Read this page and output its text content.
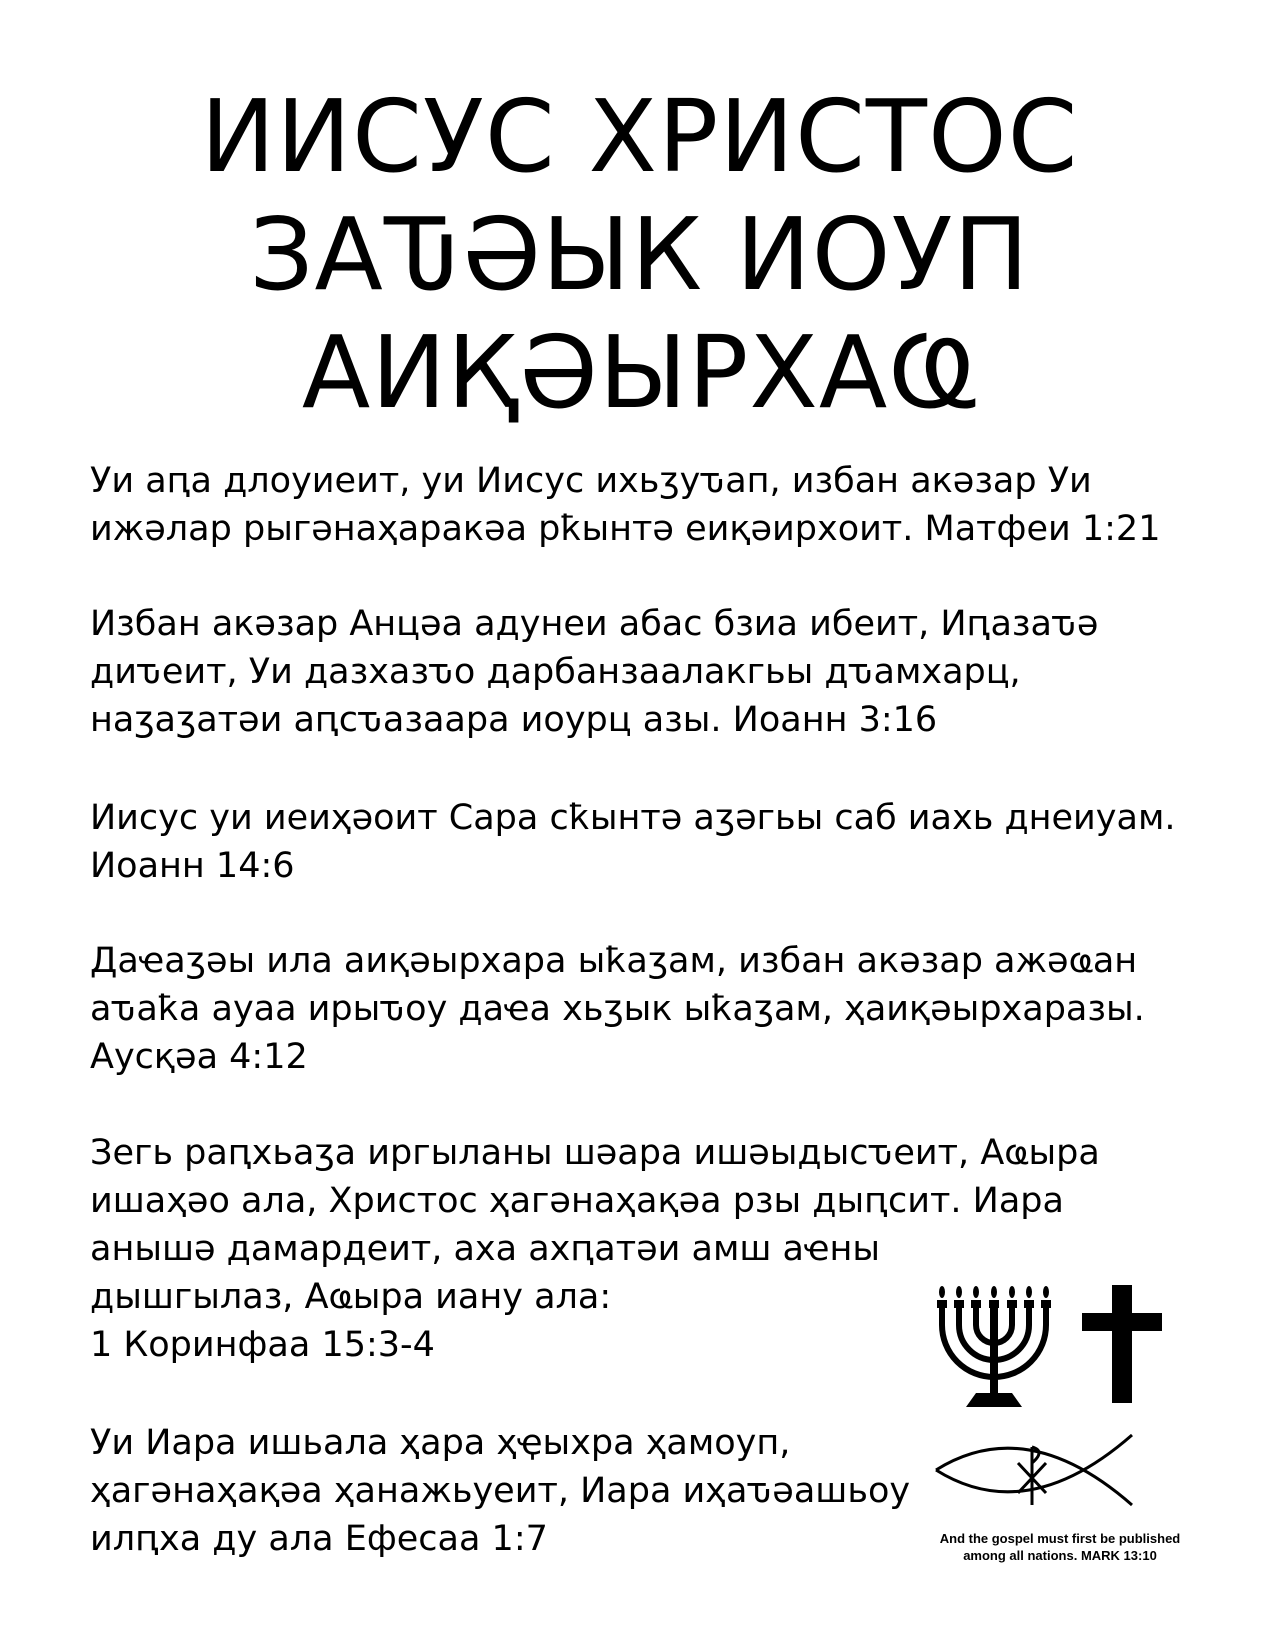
ИИСУС ХРИСТОС
ЗАԎӘЫК ИОУП
АИҚӘЫРХАҨ
Уи аԥа длоуиеит, уи Иисус ихьӡуԏап, избан акәзар Уи
ижәлар рыгәнаҳаракәа рҟынтә еиқәирхоит. Матфеи 1:21
Избан акәзар Анцәа адунеи абас бзиа ибеит, Иԥазаԏә
диԏеит, Уи дазхазԏо дарбанзаалакгьы дԏамхарц,
наӡаӡатәи аԥсԏазаара иоурц азы. Иоанн 3:16
Иисус уи иеиҳәоит Сара сҟынтә аӡәгьы саб иахь днеиуам.
Иоанн 14:6
Даҽаӡәы ила аиқәырхара ыҟаӡам, избан акәзар ажәҩан
аԏаҟа ауаа ирыԏоу даҽа хьӡык ыҟаӡам, ҳаиқәырхаразы.
Аусқәа 4:12
Зегь раԥхьаӡа иргыланы шәара ишәыдысԏеит, Аҩыра
ишаҳәо ала, Христос ҳагәнаҳақәа рзы дыԥсит. Иара
анышә дамардеит, аха ахԥатәи амш аҽны
дышгылаз, Аҩыра иану ала:
1 Коринфаа 15:3-4
Уи Иара ишьала ҳара ҳҿыхра ҳамоуп,
ҳагәнаҳақәа ҳанажьуеит, Иара иҳаԏәашьоу
илԥха ду ала Ефесаа 1:7	And the gospel must first be published
among all nations. MARK 13:10
